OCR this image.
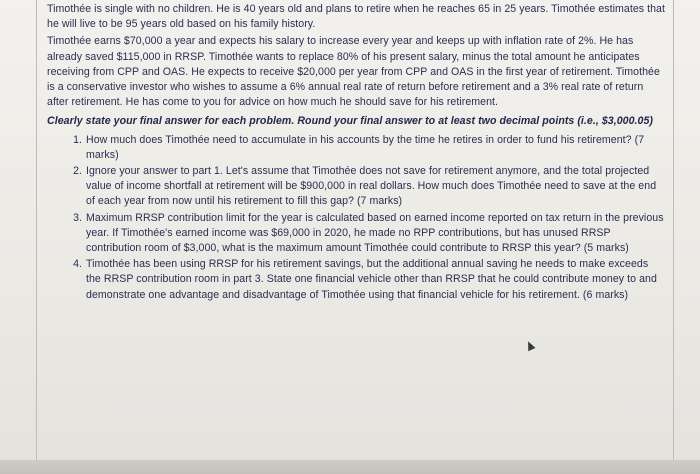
Timothée is single with no children. He is 40 years old and plans to retire when he reaches 65 in 25 years. Timothée estimates that he will live to be 95 years old based on his family history.

Timothée earns $70,000 a year and expects his salary to increase every year and keeps up with inflation rate of 2%. He has already saved $115,000 in RRSP. Timothée wants to replace 80% of his present salary, minus the total amount he anticipates receiving from CPP and OAS. He expects to receive $20,000 per year from CPP and OAS in the first year of retirement. Timothée is a conservative investor who wishes to assume a 6% annual real rate of return before retirement and a 3% real rate of return after retirement. He has come to you for advice on how much he should save for his retirement.

Clearly state your final answer for each problem. Round your final answer to at least two decimal points (i.e., $3,000.05)

1. How much does Timothée need to accumulate in his accounts by the time he retires in order to fund his retirement? (7 marks)
2. Ignore your answer to part 1. Let's assume that Timothée does not save for retirement anymore, and the total projected value of income shortfall at retirement will be $900,000 in real dollars. How much does Timothée need to save at the end of each year from now until his retirement to fill this gap? (7 marks)
3. Maximum RRSP contribution limit for the year is calculated based on earned income reported on tax return in the previous year. If Timothée's earned income was $69,000 in 2020, he made no RPP contributions, but has unused RRSP contribution room of $3,000, what is the maximum amount Timothée could contribute to RRSP this year? (5 marks)
4. Timothée has been using RRSP for his retirement savings, but the additional annual saving he needs to make exceeds the RRSP contribution room in part 3. State one financial vehicle other than RRSP that he could contribute money to and demonstrate one advantage and disadvantage of Timothée using that financial vehicle for his retirement. (6 marks)
